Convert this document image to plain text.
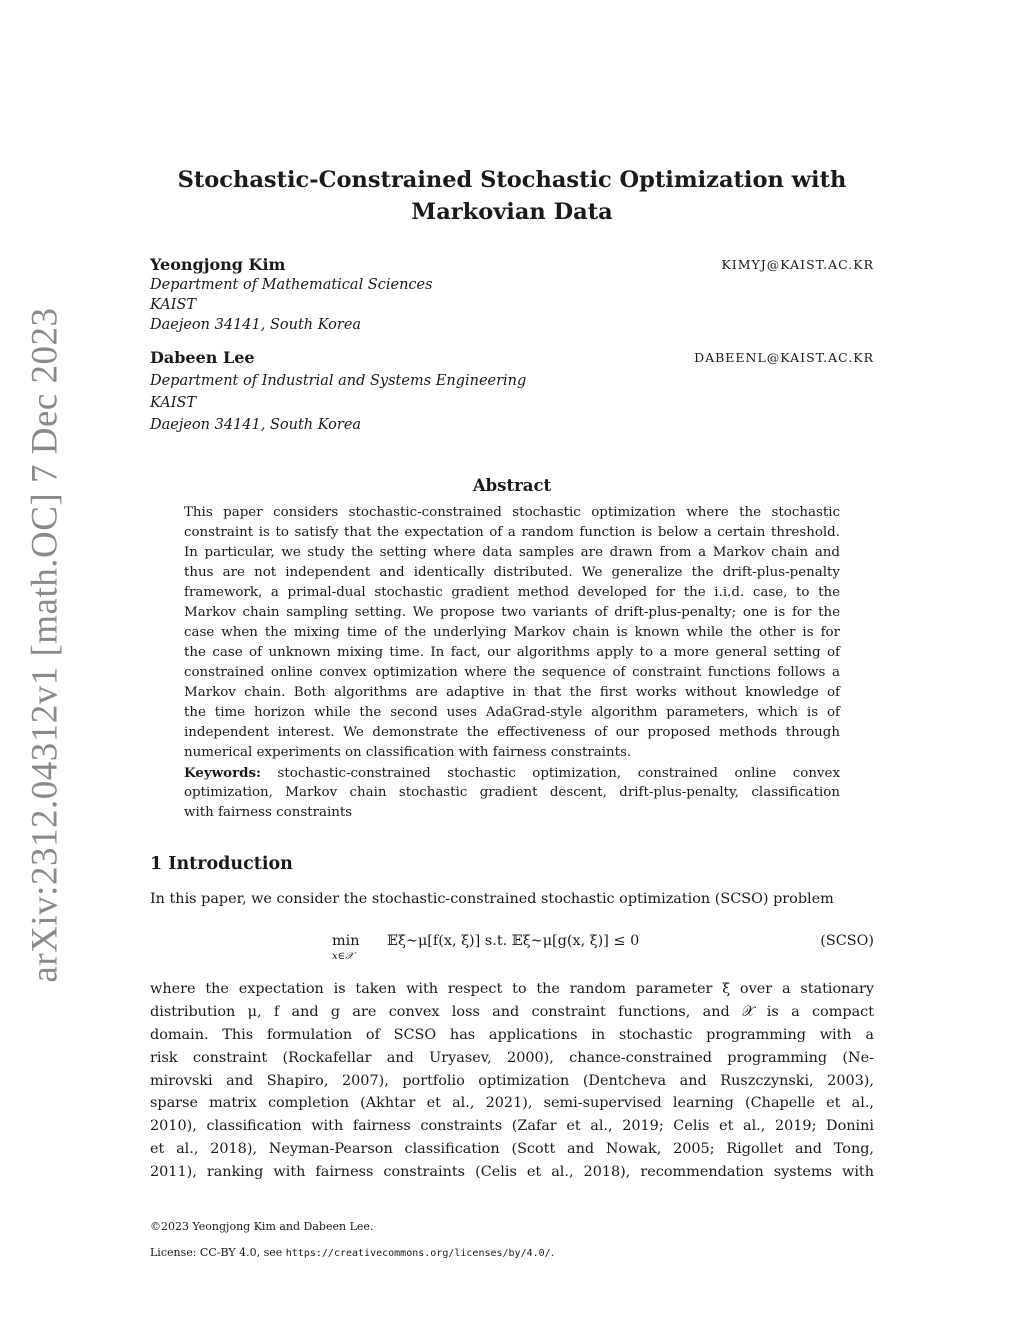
arXiv:2312.04312v1 [math.OC] 7 Dec 2023
Stochastic-Constrained Stochastic Optimization with
Markovian Data
Yeongjong Kim	KIMYJ@KAIST.AC.KR
Department of Mathematical Sciences
KAIST
Daejeon 34141, South Korea
Dabeen Lee	DABEENL@KAIST.AC.KR
Department of Industrial and Systems Engineering
KAIST
Daejeon 34141, South Korea
Abstract
This paper considers stochastic-constrained stochastic optimization where the stochastic
constraint is to satisfy that the expectation of a random function is below a certain threshold.
In particular, we study the setting where data samples are drawn from a Markov chain and
thus are not independent and identically distributed. We generalize the drift-plus-penalty
framework, a primal-dual stochastic gradient method developed for the i.i.d. case, to the
Markov chain sampling setting. We propose two variants of drift-plus-penalty; one is for the
case when the mixing time of the underlying Markov chain is known while the other is for
the case of unknown mixing time. In fact, our algorithms apply to a more general setting of
constrained online convex optimization where the sequence of constraint functions follows a
Markov chain. Both algorithms are adaptive in that the first works without knowledge of
the time horizon while the second uses AdaGrad-style algorithm parameters, which is of
independent interest. We demonstrate the effectiveness of our proposed methods through
numerical experiments on classification with fairness constraints.
Keywords: stochastic-constrained stochastic optimization, constrained online convex
optimization, Markov chain stochastic gradient descent, drift-plus-penalty, classification
with fairness constraints
1 Introduction
In this paper, we consider the stochastic-constrained stochastic optimization (SCSO) problem
min
x∈𝒳
𝔼ξ∼μ[f(x, ξ)] s.t. 𝔼ξ∼μ[g(x, ξ)] ≤ 0	(SCSO)
where the expectation is taken with respect to the random parameter ξ over a stationary
distribution μ, f and g are convex loss and constraint functions, and 𝒳 is a compact
domain. This formulation of SCSO has applications in stochastic programming with a
risk constraint (Rockafellar and Uryasev, 2000), chance-constrained programming (Ne-
mirovski and Shapiro, 2007), portfolio optimization (Dentcheva and Ruszczynski, 2003),
sparse matrix completion (Akhtar et al., 2021), semi-supervised learning (Chapelle et al.,
2010), classification with fairness constraints (Zafar et al., 2019; Celis et al., 2019; Donini
et al., 2018), Neyman-Pearson classification (Scott and Nowak, 2005; Rigollet and Tong,
2011), ranking with fairness constraints (Celis et al., 2018), recommendation systems with
©2023 Yeongjong Kim and Dabeen Lee.
License: CC-BY 4.0, see https://creativecommons.org/licenses/by/4.0/.
